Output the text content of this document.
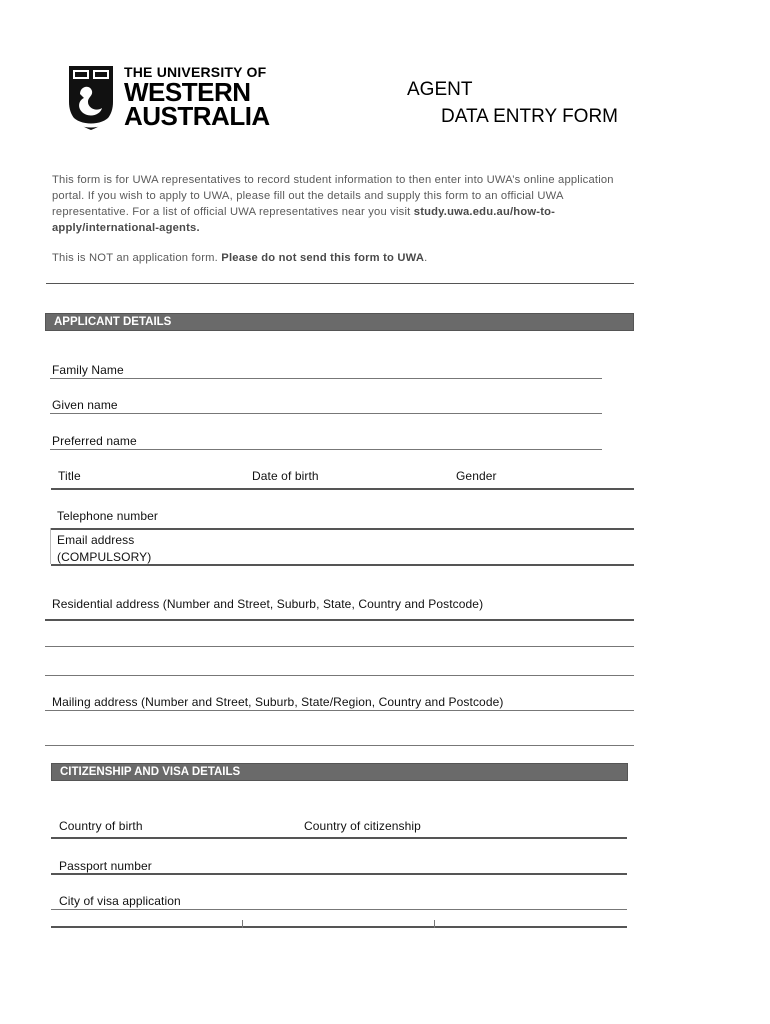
THE UNIVERSITY OF
WESTERN
AUSTRALIA
AGENT
DATA ENTRY FORM
This form is for UWA representatives to record student information to then enter into UWA’s online application portal. If you wish to apply to UWA, please fill out the details and supply this form to an official UWA representative. For a list of official UWA representatives near you visit study.uwa.edu.au/how-to-apply/international-agents.
This is NOT an application form. Please do not send this form to UWA.
APPLICANT DETAILS
Family Name
Given name
Preferred name
Title	Date of birth	Gender
Telephone number
Email address
(COMPULSORY)
Residential address (Number and Street, Suburb, State, Country and Postcode)
Mailing address (Number and Street, Suburb, State/Region, Country and Postcode)
CITIZENSHIP AND VISA DETAILS
Country of birth	Country of citizenship
Passport number
City of visa application
